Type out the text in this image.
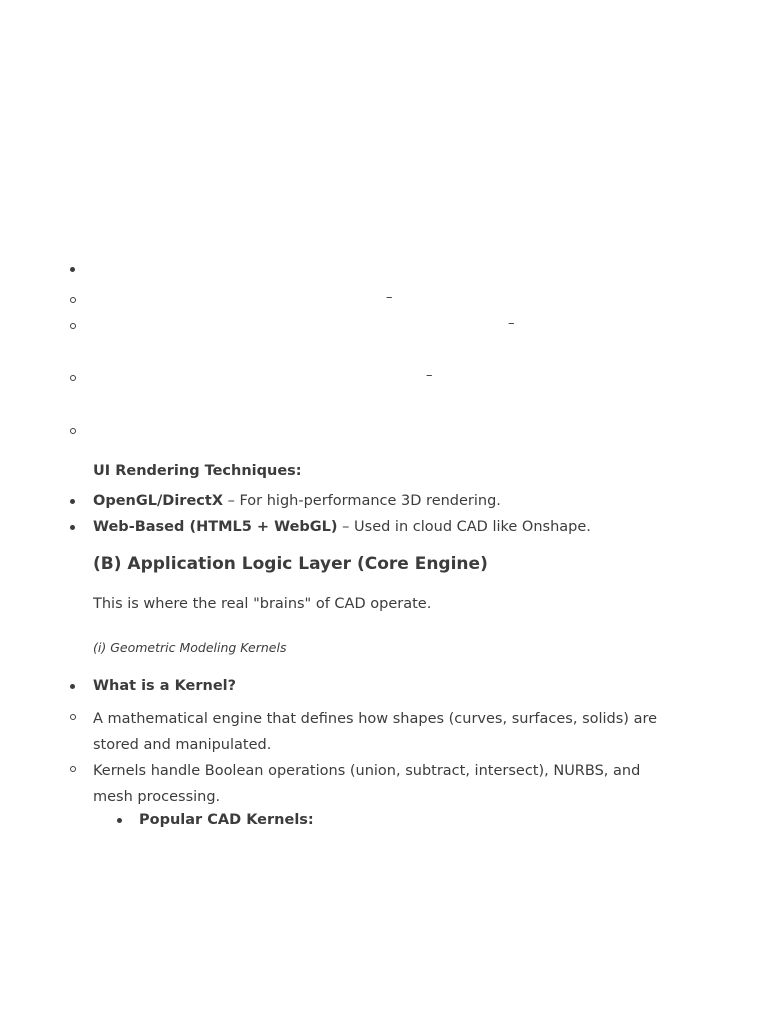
–
–
–
UI Rendering Techniques:
OpenGL/DirectX – For high-performance 3D rendering.
Web-Based (HTML5 + WebGL) – Used in cloud CAD like Onshape.
(B) Application Logic Layer (Core Engine)
This is where the real "brains" of CAD operate.
(i) Geometric Modeling Kernels
What is a Kernel?
A mathematical engine that defines how shapes (curves, surfaces, solids) are stored and manipulated.
Kernels handle Boolean operations (union, subtract, intersect), NURBS, and mesh processing.
Popular CAD Kernels:
